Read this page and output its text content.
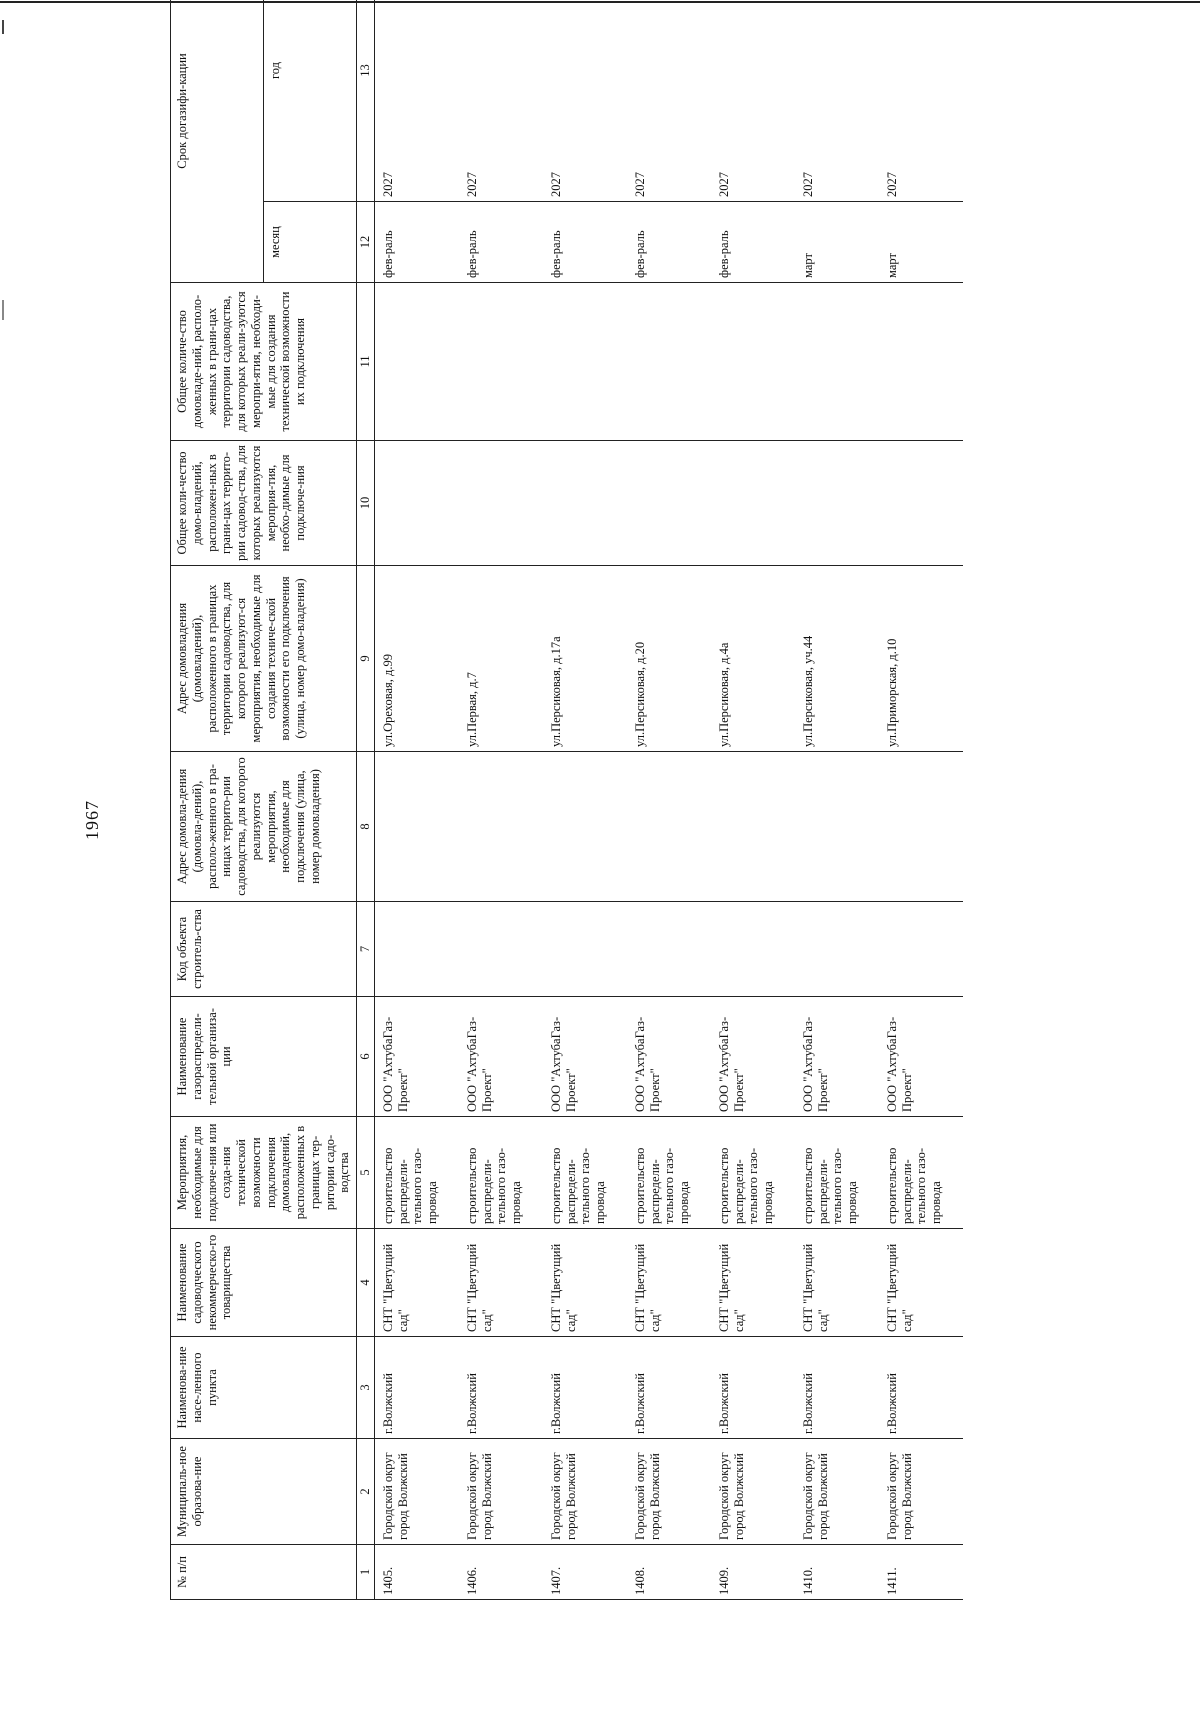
1967
№ п/п	Муниципаль-ное образова-ние	Наименова-ние насе-ленного пункта	Наименование садоводческого некоммерческо-го товарищества	Мероприятия, необходимые для подключе-ния или созда-ния технической возможности подключения домовладений, расположенных в границах тер-ритории садо-водства	Наименование газораспредели-тельной организа-ции	Код объекта строитель-ства	Адрес домовла-дения (домовла-дений), располо-женного в гра-ницах террито-рии садоводства, для которого реализуются мероприятия, необходимые для подключения (улица, номер домовладения)	Адрес домовладения (домовладений), расположенного в границах территории садоводства, для которого реализуют-ся мероприятия, необходимые для создания техниче-ской возможности его подключения (улица, номер домо-владения)	Общее коли-чество домо-владений, расположен-ных в грани-цах террито-рии садовод-ства, для которых реализуются мероприя-тия, необхо-димые для подключе-ния	Общее количе-ство домовладе-ний, располо-женных в грани-цах территории садоводства, для которых реали-зуются меропри-ятия, необходи-мые для создания технической возможности их подключения	Срок догазифи-кации	
											месяц	год
1	2	3	4	5	6	7	8	9	10	11	12	13
1405.	Городской округ город Волжский	г.Волжский	СНТ "Цветущий сад"	строительство распредели-тельного газо-провода	ООО "АхтубаГаз-Проект"			ул.Ореховая, д.99			фев-раль	2027
1406.	Городской округ город Волжский	г.Волжский	СНТ "Цветущий сад"	строительство распредели-тельного газо-провода	ООО "АхтубаГаз-Проект"			ул.Первая, д.7			фев-раль	2027
1407.	Городской округ город Волжский	г.Волжский	СНТ "Цветущий сад"	строительство распредели-тельного газо-провода	ООО "АхтубаГаз-Проект"			ул.Персиковая, д.17а			фев-раль	2027
1408.	Городской округ город Волжский	г.Волжский	СНТ "Цветущий сад"	строительство распредели-тельного газо-провода	ООО "АхтубаГаз-Проект"			ул.Персиковая, д.20			фев-раль	2027
1409.	Городской округ город Волжский	г.Волжский	СНТ "Цветущий сад"	строительство распредели-тельного газо-провода	ООО "АхтубаГаз-Проект"			ул.Персиковая, д.4а			фев-раль	2027
1410.	Городской округ город Волжский	г.Волжский	СНТ "Цветущий сад"	строительство распредели-тельного газо-провода	ООО "АхтубаГаз-Проект"			ул.Персиковая, уч.44			март	2027
1411.	Городской округ город Волжский	г.Волжский	СНТ "Цветущий сад"	строительство распредели-тельного газо-провода	ООО "АхтубаГаз-Проект"			ул.Приморская, д.10			март	2027
